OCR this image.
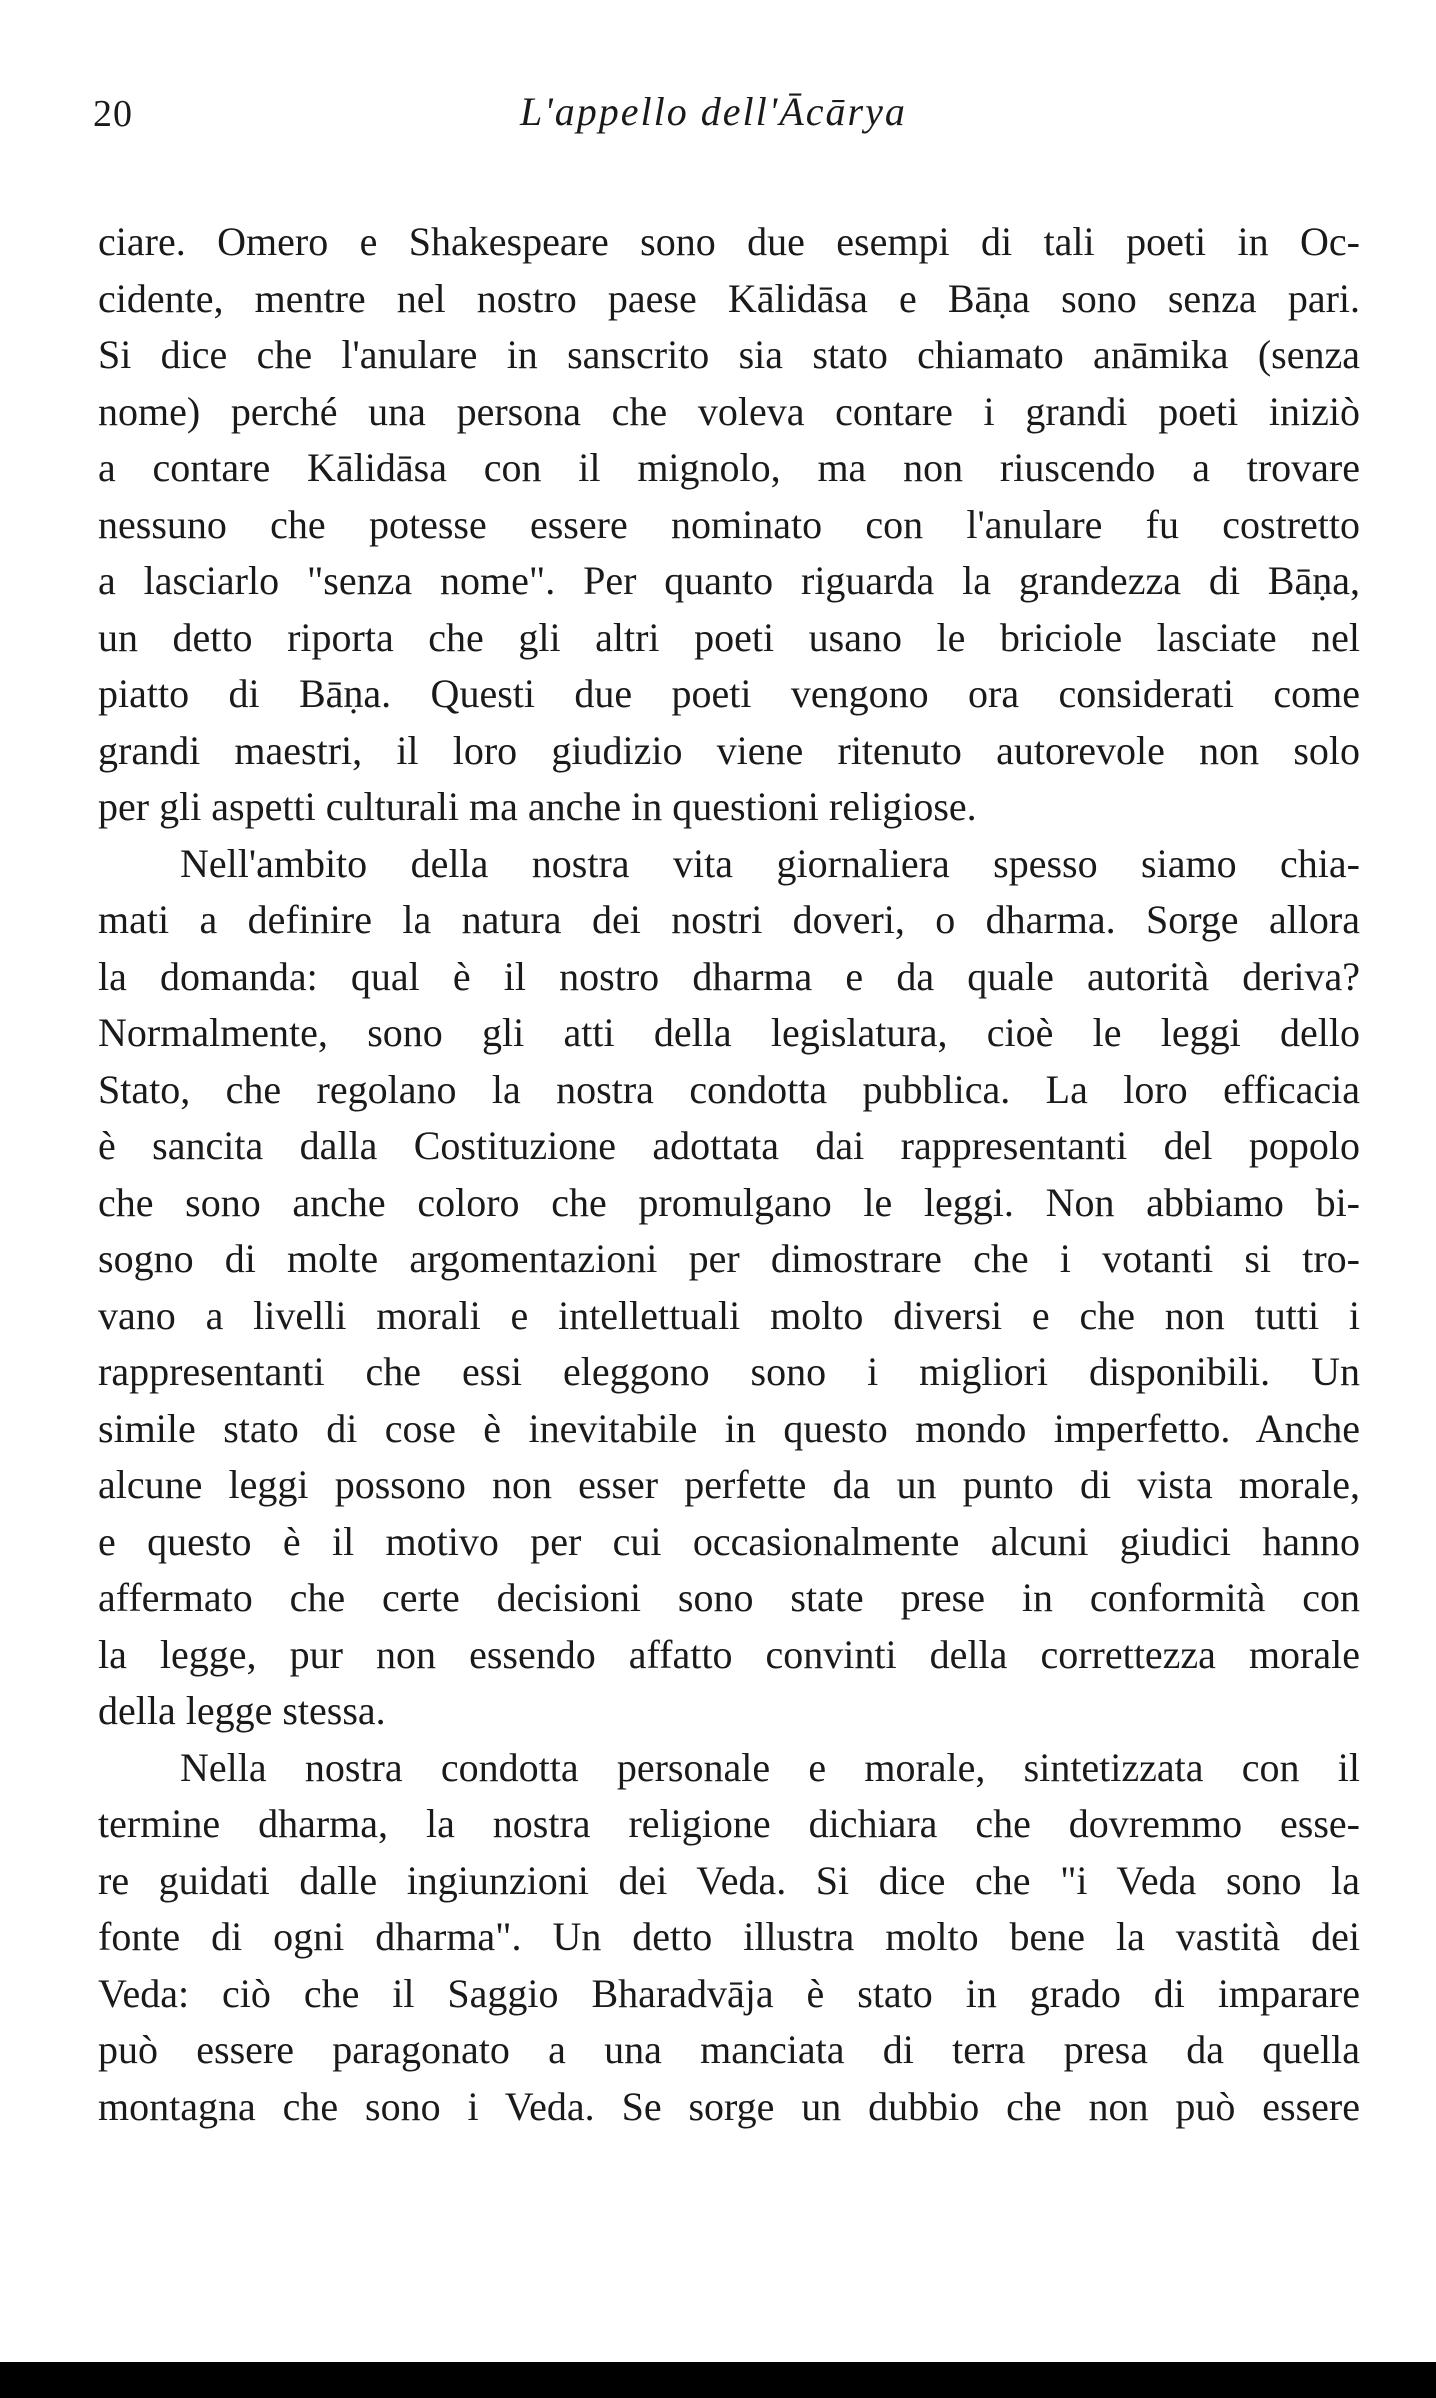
20	L'appello dell'Ācārya
ciare. Omero e Shakespeare sono due esempi di tali poeti in Oc-
cidente, mentre nel nostro paese Kālidāsa e Bāṇa sono senza pari.
Si dice che l'anulare in sanscrito sia stato chiamato anāmika (senza
nome) perché una persona che voleva contare i grandi poeti iniziò
a contare Kālidāsa con il mignolo, ma non riuscendo a trovare
nessuno che potesse essere nominato con l'anulare fu costretto
a lasciarlo "senza nome". Per quanto riguarda la grandezza di Bāṇa,
un detto riporta che gli altri poeti usano le briciole lasciate nel
piatto di Bāṇa. Questi due poeti vengono ora considerati come
grandi maestri, il loro giudizio viene ritenuto autorevole non solo
per gli aspetti culturali ma anche in questioni religiose.
Nell'ambito della nostra vita giornaliera spesso siamo chia-
mati a definire la natura dei nostri doveri, o dharma. Sorge allora
la domanda: qual è il nostro dharma e da quale autorità deriva?
Normalmente, sono gli atti della legislatura, cioè le leggi dello
Stato, che regolano la nostra condotta pubblica. La loro efficacia
è sancita dalla Costituzione adottata dai rappresentanti del popolo
che sono anche coloro che promulgano le leggi. Non abbiamo bi-
sogno di molte argomentazioni per dimostrare che i votanti si tro-
vano a livelli morali e intellettuali molto diversi e che non tutti i
rappresentanti che essi eleggono sono i migliori disponibili. Un
simile stato di cose è inevitabile in questo mondo imperfetto. Anche
alcune leggi possono non esser perfette da un punto di vista morale,
e questo è il motivo per cui occasionalmente alcuni giudici hanno
affermato che certe decisioni sono state prese in conformità con
la legge, pur non essendo affatto convinti della correttezza morale
della legge stessa.
Nella nostra condotta personale e morale, sintetizzata con il
termine dharma, la nostra religione dichiara che dovremmo esse-
re guidati dalle ingiunzioni dei Veda. Si dice che "i Veda sono la
fonte di ogni dharma". Un detto illustra molto bene la vastità dei
Veda: ciò che il Saggio Bharadvāja è stato in grado di imparare
può essere paragonato a una manciata di terra presa da quella
montagna che sono i Veda. Se sorge un dubbio che non può essere
